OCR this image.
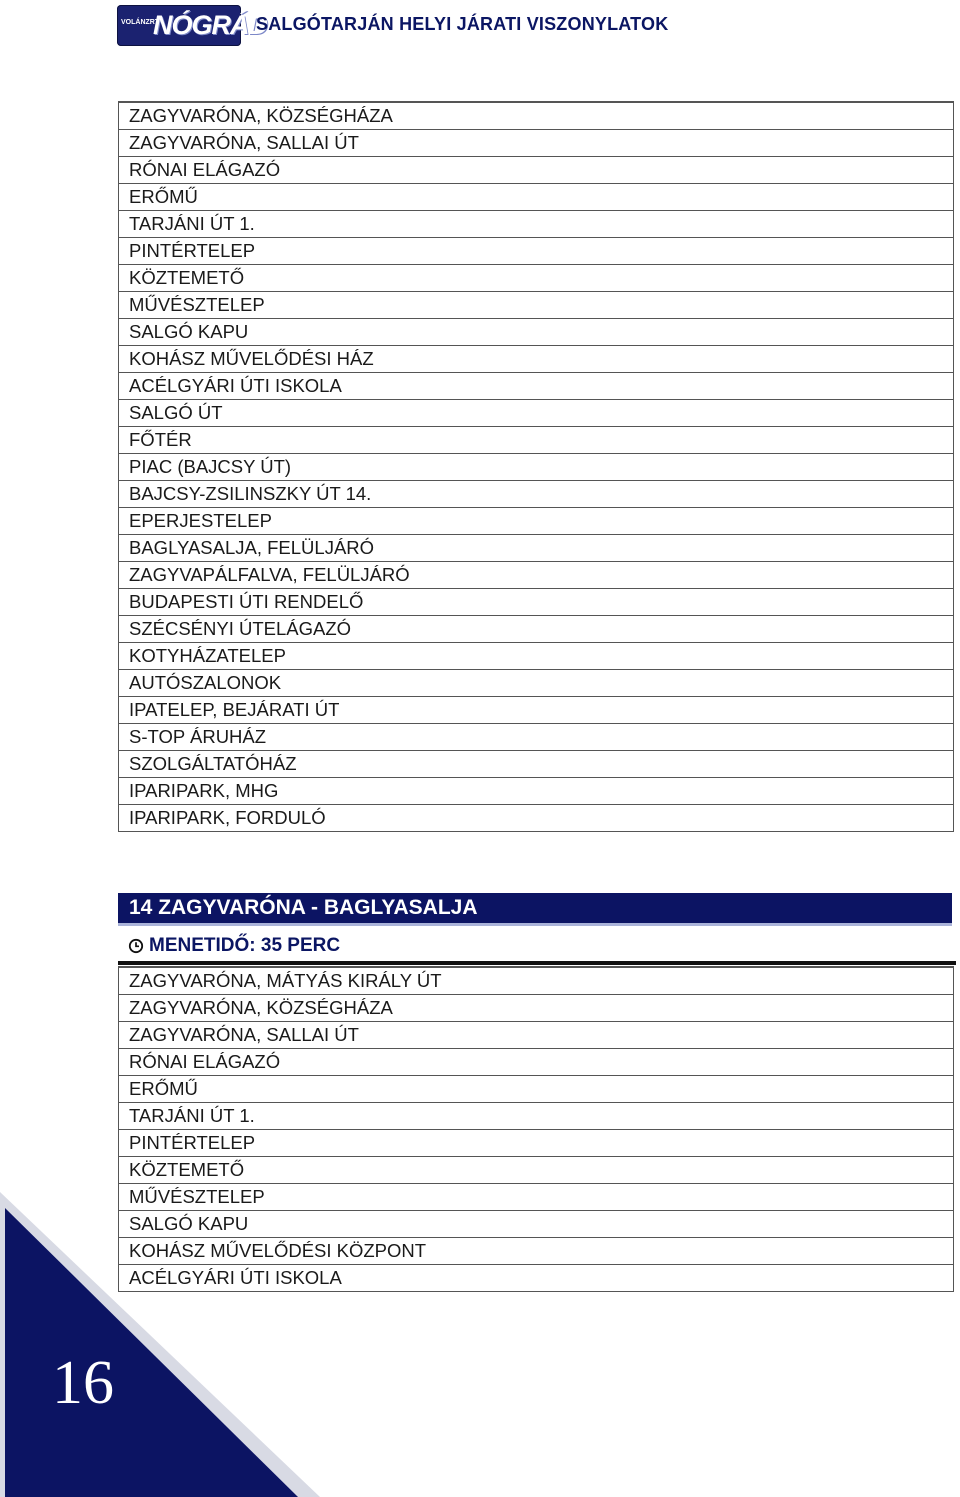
VOLÁNZRT
NÓGRÁD
SALGÓTARJÁN HELYI JÁRATI VISZONYLATOK
ZAGYVARÓNA, KÖZSÉGHÁZA
ZAGYVARÓNA, SALLAI ÚT
RÓNAI ELÁGAZÓ
ERŐMŰ
TARJÁNI ÚT 1.
PINTÉRTELEP
KÖZTEMETŐ
MŰVÉSZTELEP
SALGÓ KAPU
KOHÁSZ MŰVELŐDÉSI HÁZ
ACÉLGYÁRI ÚTI ISKOLA
SALGÓ ÚT
FŐTÉR
PIAC (BAJCSY ÚT)
BAJCSY-ZSILINSZKY ÚT 14.
EPERJESTELEP
BAGLYASALJA, FELÜLJÁRÓ
ZAGYVAPÁLFALVA, FELÜLJÁRÓ
BUDAPESTI ÚTI RENDELŐ
SZÉCSÉNYI ÚTELÁGAZÓ
KOTYHÁZATELEP
AUTÓSZALONOK
IPATELEP, BEJÁRATI ÚT
S-TOP ÁRUHÁZ
SZOLGÁLTATÓHÁZ
IPARIPARK, MHG
IPARIPARK, FORDULÓ
14 ZAGYVARÓNA - BAGLYASALJA
MENETIDŐ: 35 PERC
ZAGYVARÓNA, MÁTYÁS KIRÁLY ÚT
ZAGYVARÓNA, KÖZSÉGHÁZA
ZAGYVARÓNA, SALLAI ÚT
RÓNAI ELÁGAZÓ
ERŐMŰ
TARJÁNI ÚT 1.
PINTÉRTELEP
KÖZTEMETŐ
MŰVÉSZTELEP
SALGÓ KAPU
KOHÁSZ MŰVELŐDÉSI KÖZPONT
ACÉLGYÁRI ÚTI ISKOLA
16
